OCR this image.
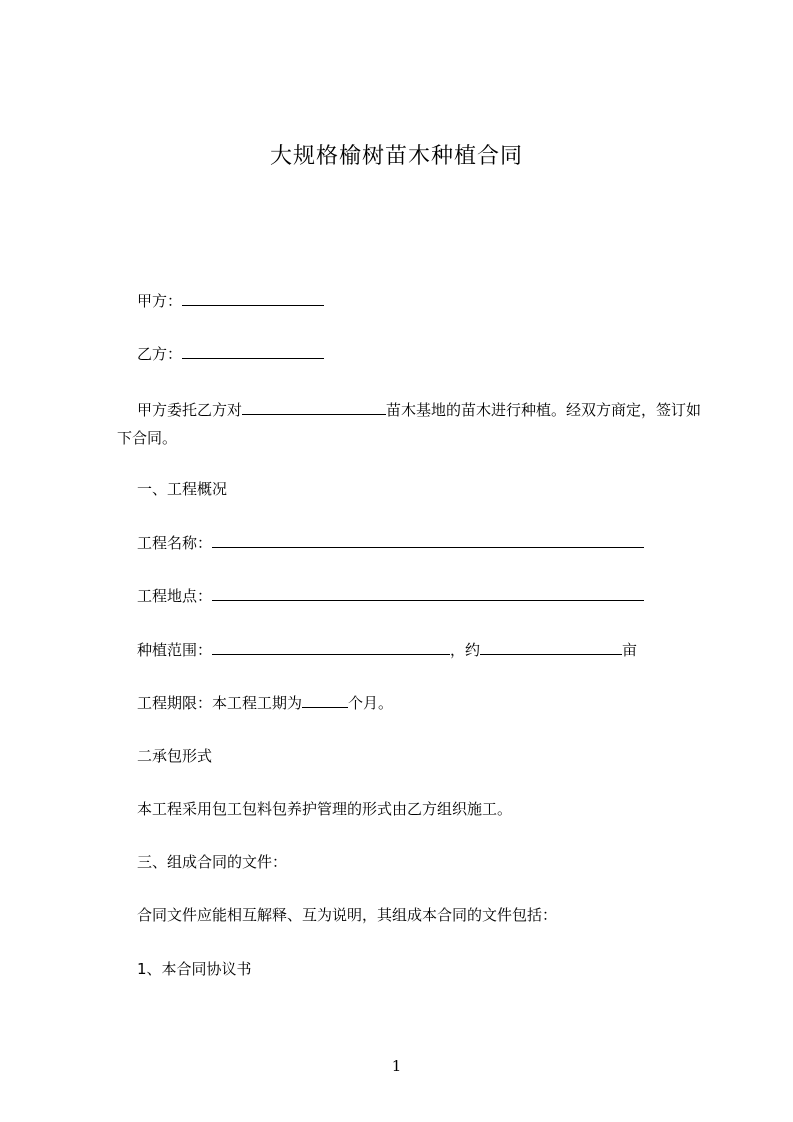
大规格榆树苗木种植合同
甲方：
乙方：
甲方委托乙方对	苗木基地的苗木进行种植。经双方商定，签订如下合同。
一、工程概况
工程名称：
工程地点：
种植范围：	，约	亩
工程期限：本工程工期为	个月。
二承包形式
本工程采用包工包料包养护管理的形式由乙方组织施工。
三、组成合同的文件：
合同文件应能相互解释、互为说明，其组成本合同的文件包括：
1、本合同协议书
1
